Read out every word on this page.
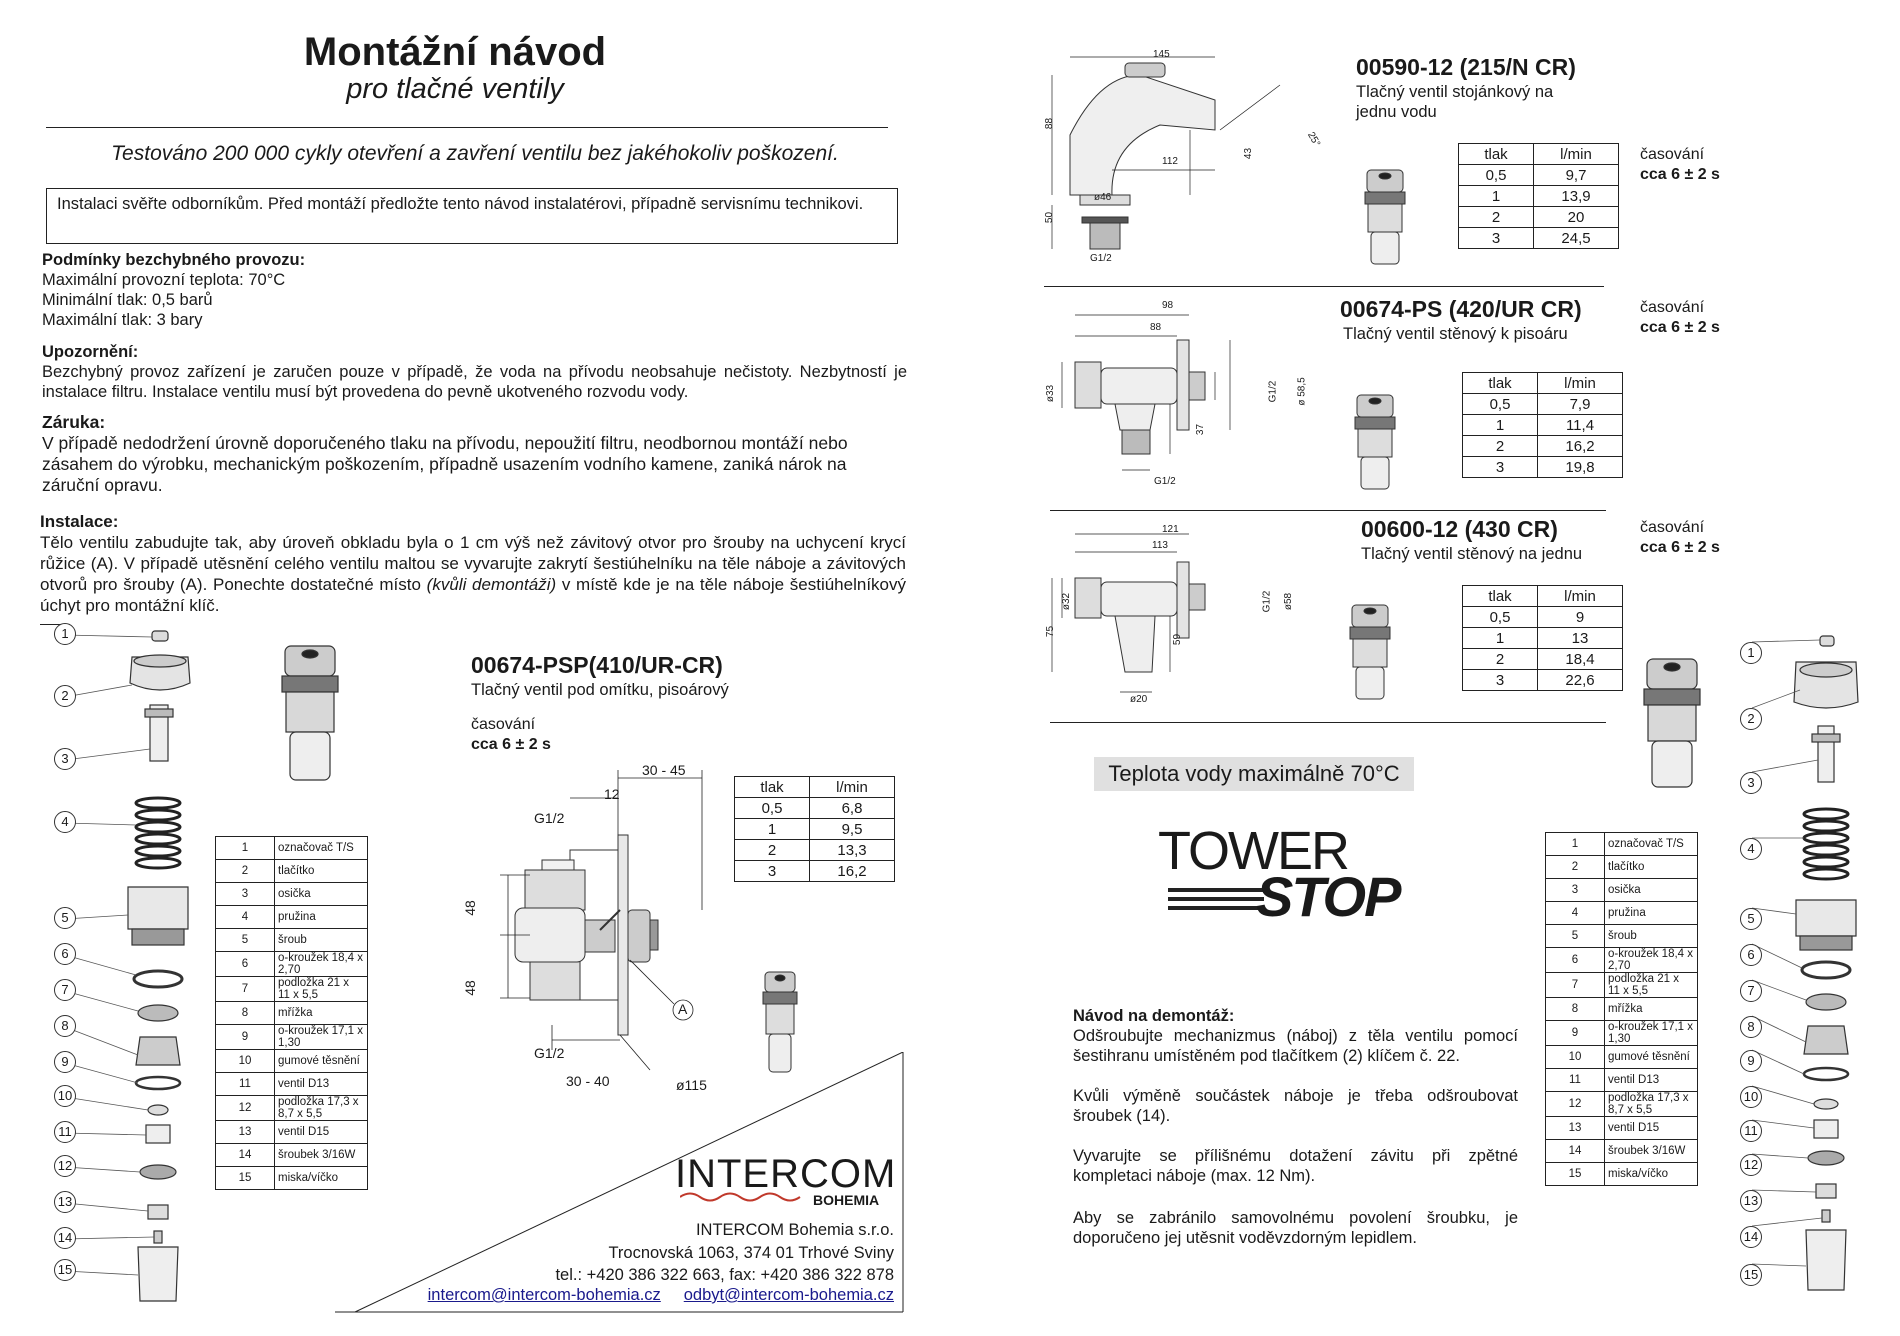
Montážní návod
pro tlačné ventily
Testováno 200 000 cykly otevření a zavření ventilu bez jakéhokoliv poškození.
Instalaci svěřte odborníkům. Před montáží předložte tento návod instalatérovi, případně servisnímu technikovi.
Podmínky bezchybného provozu:
Maximální provozní teplota: 70°C
Minimální tlak: 0,5 barů
Maximální tlak: 3 bary
Upozornění:
Bezchybný provoz zařízení je zaručen pouze v případě, že voda na přívodu neobsahuje nečistoty. Nezbytností je instalace filtru. Instalace ventilu musí být provedena do pevně ukotveného rozvodu vody.
Záruka:
V případě nedodržení úrovně doporučeného tlaku na přívodu, nepoužití filtru, neodbornou montáží nebo zásahem do výrobku, mechanickým poškozením, případně usazením vodního kamene, zaniká nárok na záruční opravu.
Instalace:
Tělo ventilu zabudujte tak, aby úroveň obkladu byla o 1 cm výš než závitový otvor pro šrouby na uchycení krycí růžice (A). V případě utěsnění celého ventilu maltou se vyvarujte zakrytí šestiúhelníku na těle náboje a závitových otvorů pro šrouby (A). Ponechte dostatečné místo (kvůli demontáži) v místě kde je na těle náboje šestiúhelníkový úchyt pro montážní klíč.
1
2
3
4
5
6
7
8
9
10
11
12
13
14
15
1	označovač T/S
2	tlačítko
3	osička
4	pružina
5	šroub
6	o-kroužek 18,4 x 2,70
7	podložka 21 x 11 x 5,5
8	mřížka
9	o-kroužek 17,1 x 1,30
10	gumové těsnění
11	ventil D13
12	podložka 17,3 x 8,7 x 5,5
13	ventil D15
14	šroubek 3/16W
15	miska/víčko
00674-PSP(410/UR-CR)
Tlačný ventil pod omítku, pisoárový
časování
cca 6 ± 2 s
tlak	l/min
0,5	6,8
1	9,5
2	13,3
3	16,2
30 - 45
12
G1/2
48
48
G1/2
30 - 40	ø115
A
INTERCOM
BOHEMIA
INTERCOM Bohemia s.r.o.
Trocnovská 1063, 374 01 Trhové Sviny
tel.: +420 386 322 663, fax: +420 386 322 878
intercom@intercom-bohemia.cz odbyt@intercom-bohemia.cz
145
88
112
43
25°
ø46
50
G1/2
00590-12 (215/N CR)
Tlačný ventil stojánkový na jednu vodu
tlak	l/min
0,5	9,7
1	13,9
2	20
3	24,5
časování
cca 6 ± 2 s
98
88
ø33	G1/2 ø 58,5
37
G1/2
00674-PS (420/UR CR)
Tlačný ventil stěnový k pisoáru
časování
cca 6 ± 2 s
tlak	l/min
0,5	7,9
1	11,4
2	16,2
3	19,8
121
113
ø32	G1/2 ø58
75
59
ø20
00600-12 (430 CR)
Tlačný ventil stěnový na jednu
časování
cca 6 ± 2 s
tlak	l/min
0,5	9
1	13
2	18,4
3	22,6
Teplota vody maximálně 70°C
TOWER
STOP
Návod na demontáž:
Odšroubujte mechanizmus (náboj) z těla ventilu pomocí šestihranu umístěném pod tlačítkem (2) klíčem č. 22.
Kvůli výměně součástek náboje je třeba odšroubovat šroubek (14).
Vyvarujte se přílišnému dotažení závitu při zpětné kompletaci náboje (max. 12 Nm).
Aby se zabránilo samovolnému povolení šroubku, je doporučeno jej utěsnit voděvzdorným lepidlem.
1	označovač T/S
2	tlačítko
3	osička
4	pružina
5	šroub
6	o-kroužek 18,4 x 2,70
7	podložka 21 x 11 x 5,5
8	mřížka
9	o-kroužek 17,1 x 1,30
10	gumové těsnění
11	ventil D13
12	podložka 17,3 x 8,7 x 5,5
13	ventil D15
14	šroubek 3/16W
15	miska/víčko
1
2
3
4
5
6
7
8
9
10
11
12
13
14
15
